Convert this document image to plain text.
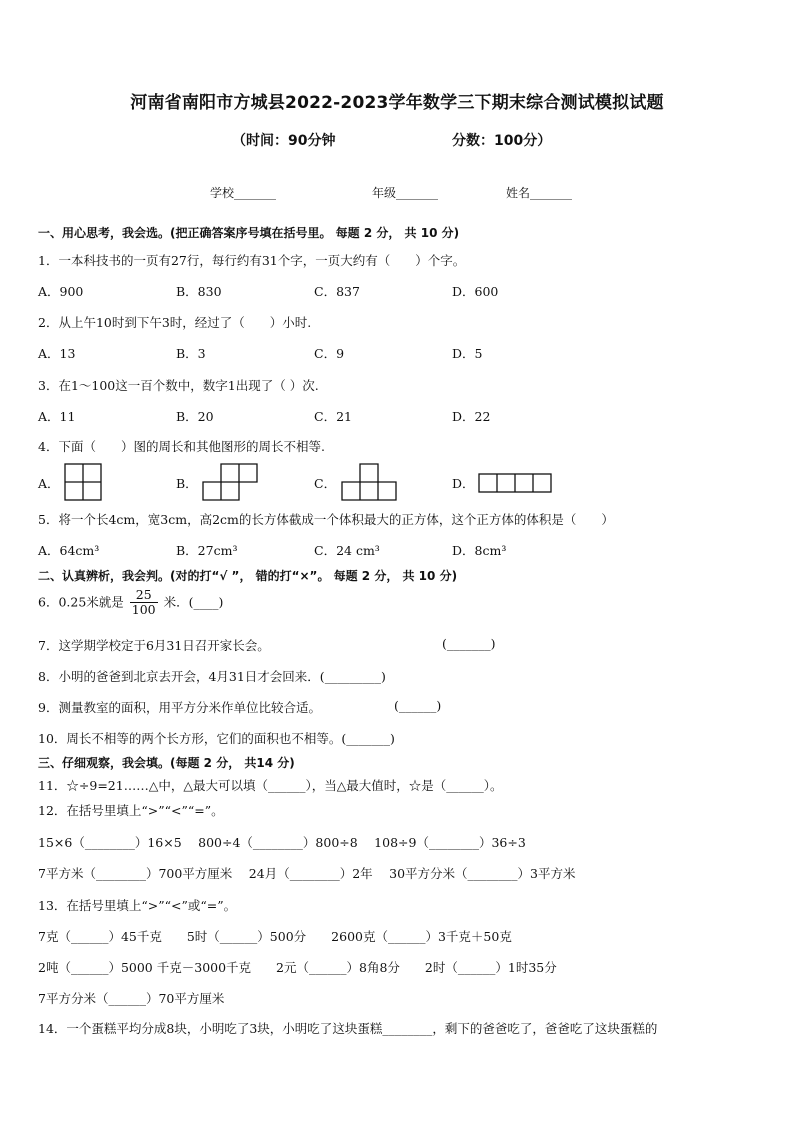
河南省南阳市方城县2022-2023学年数学三下期末综合测试模拟试题
（时间：90分钟	分数：100分）
学校_______	年级_______	姓名_______
一、用心思考，我会选。(把正确答案序号填在括号里。 每题 2 分， 共 10 分)
1．一本科技书的一页有27行，每行约有31个字，一页大约有（　　）个字。
A．900	B．830	C．837	D．600
2．从上午10时到下午3时，经过了（　　）小时.
A．13	B．3	C．9	D．5
3．在1～100这一百个数中，数字1出现了（ ）次.
A．11	B．20	C．21	D．22
4．下面（　　）图的周长和其他图形的周长不相等.
A．	B．	C．	D．
5．将一个长4cm，宽3cm，高2cm的长方体截成一个体积最大的正方体，这个正方体的体积是（　　）
A．64cm³	B．27cm³	C．24 cm³	D．8cm³
二、认真辨析，我会判。(对的打“√ ”， 错的打“×”。 每题 2 分， 共 10 分)
6．0.25米就是 $\frac{25}{100}$ 米．(____)
7．这学期学校定于6月31日召开家长会。	(_______)
8．小明的爸爸到北京去开会，4月31日才会回来．(_________)
9．测量教室的面积，用平方分米作单位比较合适。	(______)
10．周长不相等的两个长方形，它们的面积也不相等。(_______)
三、仔细观察，我会填。(每题 2 分， 共14 分)
11．☆÷9=21……△中，△最大可以填（______），当△最大值时，☆是（______）。
12．在括号里填上“>”“<”“=”。
15×6（________）16×5　 800÷4（________）800÷8　 108÷9（________）36÷3
7平方米（________）700平方厘米　 24月（________）2年　 30平方分米（________）3平方米
13．在括号里填上“>”“<”或“=”。
7克（______）45千克　　5时（______）500分　　2600克（______）3千克＋50克
2吨（______）5000 千克－3000千克　　2元（______）8角8分　　2时（______）1时35分
7平方分米（______）70平方厘米
14．一个蛋糕平均分成8块，小明吃了3块，小明吃了这块蛋糕________，剩下的爸爸吃了，爸爸吃了这块蛋糕的
